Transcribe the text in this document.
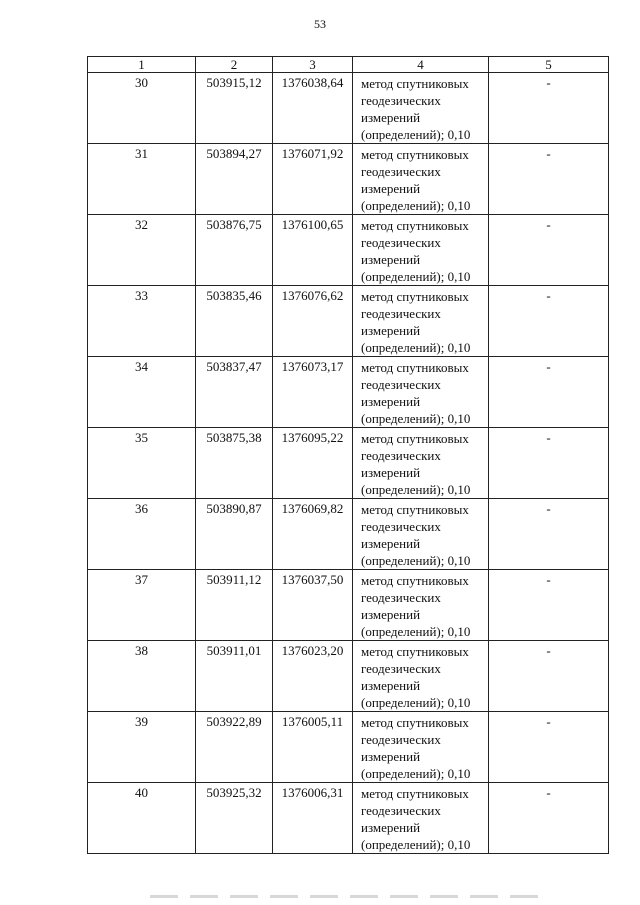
53
1	2	3	4	5
30	503915,12	1376038,64	метод спутниковых
геодезических
измерений
(определений); 0,10	-
31	503894,27	1376071,92	метод спутниковых
геодезических
измерений
(определений); 0,10	-
32	503876,75	1376100,65	метод спутниковых
геодезических
измерений
(определений); 0,10	-
33	503835,46	1376076,62	метод спутниковых
геодезических
измерений
(определений); 0,10	-
34	503837,47	1376073,17	метод спутниковых
геодезических
измерений
(определений); 0,10	-
35	503875,38	1376095,22	метод спутниковых
геодезических
измерений
(определений); 0,10	-
36	503890,87	1376069,82	метод спутниковых
геодезических
измерений
(определений); 0,10	-
37	503911,12	1376037,50	метод спутниковых
геодезических
измерений
(определений); 0,10	-
38	503911,01	1376023,20	метод спутниковых
геодезических
измерений
(определений); 0,10	-
39	503922,89	1376005,11	метод спутниковых
геодезических
измерений
(определений); 0,10	-
40	503925,32	1376006,31	метод спутниковых
геодезических
измерений
(определений); 0,10	-
